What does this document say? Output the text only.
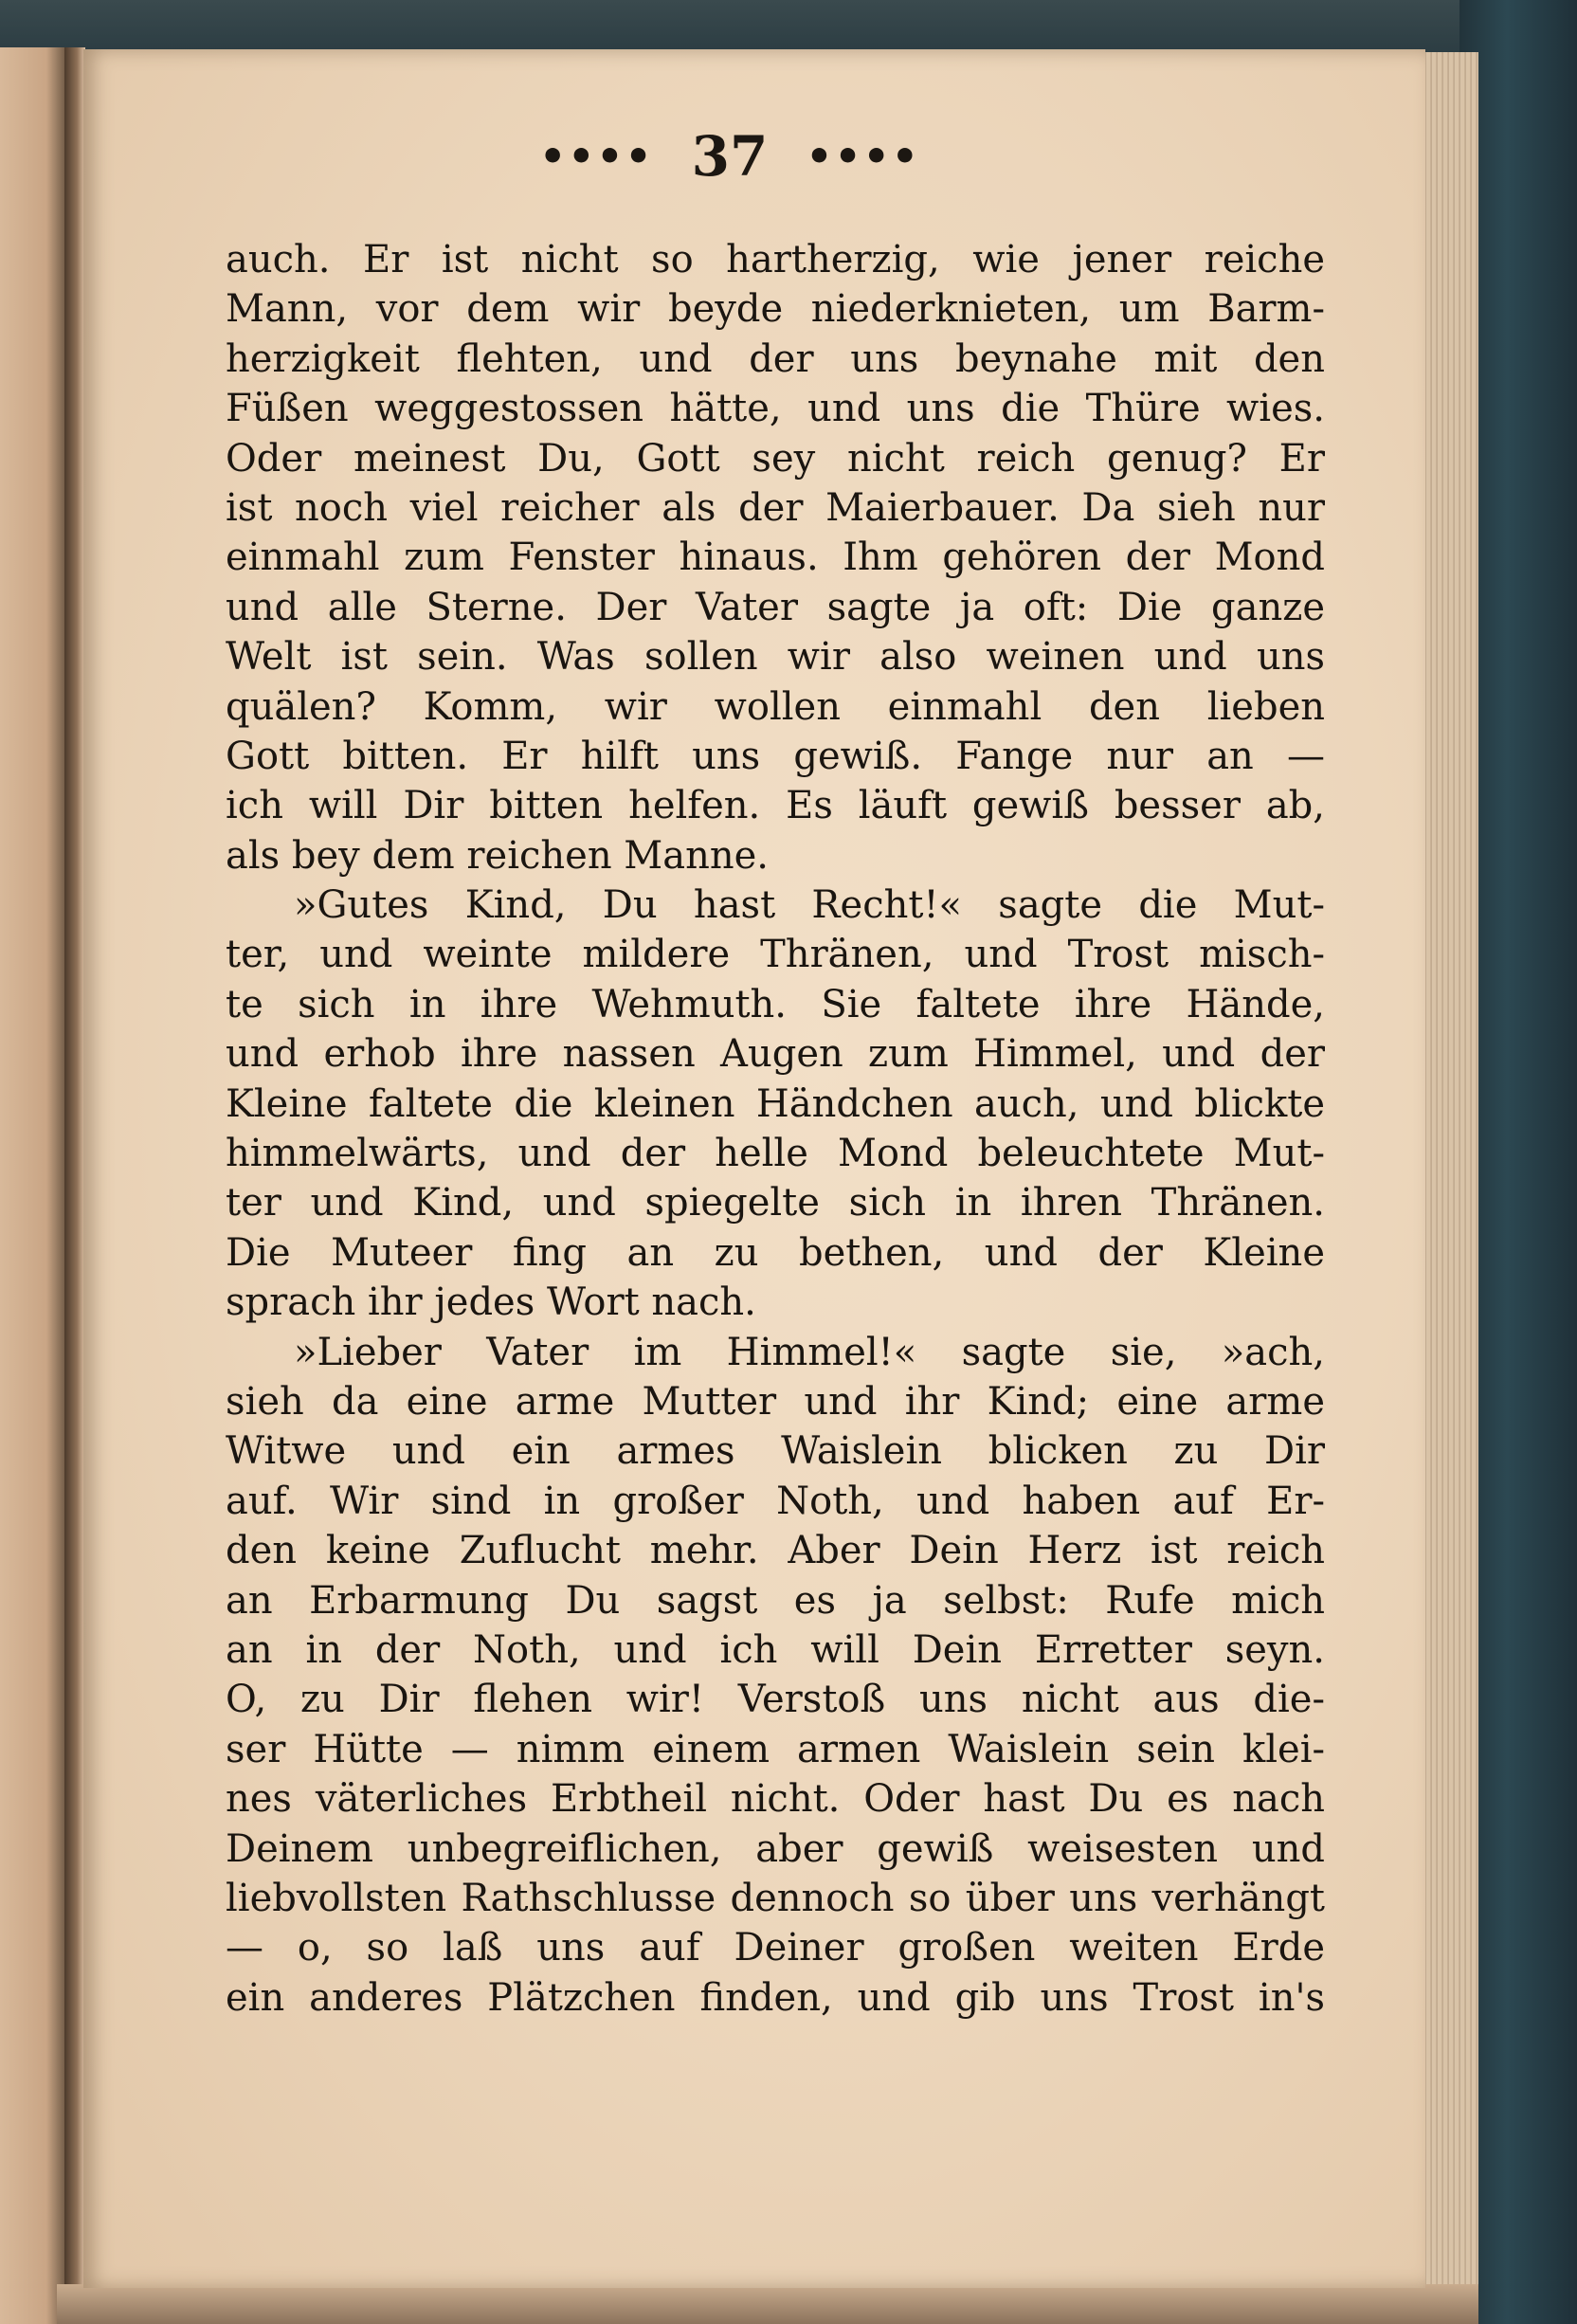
•••• 37 ••••
auch. Er ist nicht so hartherzig, wie jener reiche
Mann, vor dem wir beyde niederknieten, um Barm-
herzigkeit flehten, und der uns beynahe mit den
Füßen weggestossen hätte, und uns die Thüre wies.
Oder meinest Du, Gott sey nicht reich genug? Er
ist noch viel reicher als der Maierbauer. Da sieh nur
einmahl zum Fenster hinaus. Ihm gehören der Mond
und alle Sterne. Der Vater sagte ja oft: Die ganze
Welt ist sein. Was sollen wir also weinen und uns
quälen? Komm, wir wollen einmahl den lieben
Gott bitten. Er hilft uns gewiß. Fange nur an —
ich will Dir bitten helfen. Es läuft gewiß besser ab,
als bey dem reichen Manne.
»Gutes Kind, Du hast Recht!« sagte die Mut-
ter, und weinte mildere Thränen, und Trost misch-
te sich in ihre Wehmuth. Sie faltete ihre Hände,
und erhob ihre nassen Augen zum Himmel, und der
Kleine faltete die kleinen Händchen auch, und blickte
himmelwärts, und der helle Mond beleuchtete Mut-
ter und Kind, und spiegelte sich in ihren Thränen.
Die Muteer fing an zu bethen, und der Kleine
sprach ihr jedes Wort nach.
»Lieber Vater im Himmel!« sagte sie, »ach,
sieh da eine arme Mutter und ihr Kind; eine arme
Witwe und ein armes Waislein blicken zu Dir
auf. Wir sind in großer Noth, und haben auf Er-
den keine Zuflucht mehr. Aber Dein Herz ist reich
an Erbarmung Du sagst es ja selbst: Rufe mich
an in der Noth, und ich will Dein Erretter seyn.
O, zu Dir flehen wir! Verstoß uns nicht aus die-
ser Hütte — nimm einem armen Waislein sein klei-
nes väterliches Erbtheil nicht. Oder hast Du es nach
Deinem unbegreiflichen, aber gewiß weisesten und
liebvollsten Rathschlusse dennoch so über uns verhängt
— o, so laß uns auf Deiner großen weiten Erde
ein anderes Plätzchen finden, und gib uns Trost in's
